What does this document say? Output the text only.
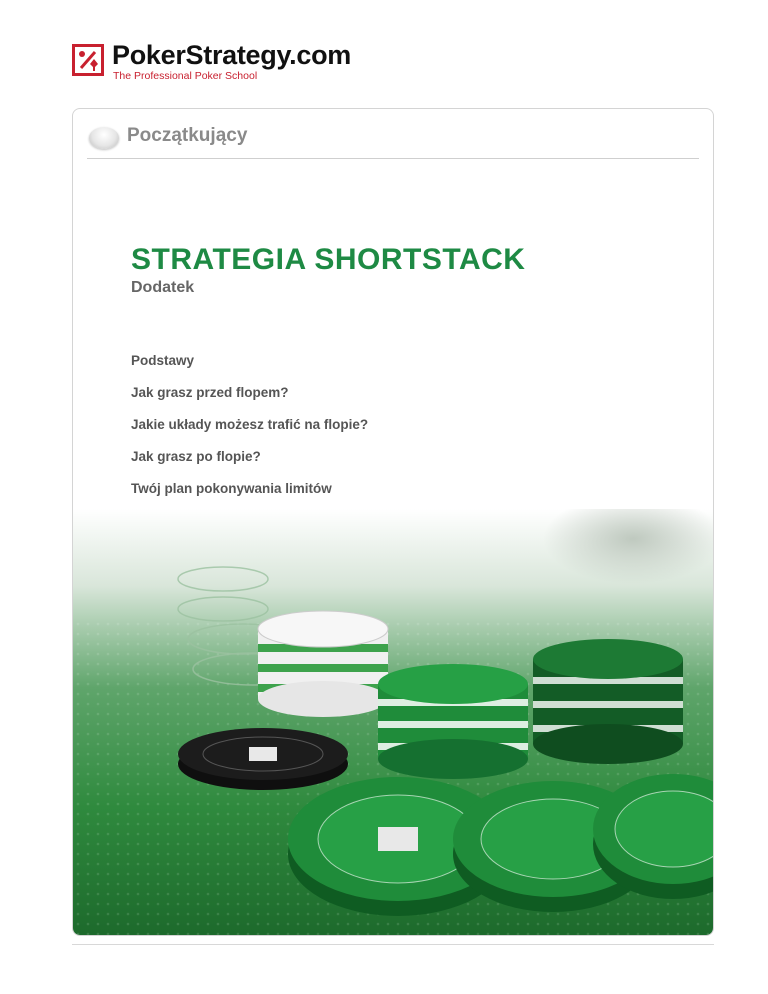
PokerStrategy.com
The Professional Poker School
Początkujący
STRATEGIA SHORTSTACK
Dodatek
Podstawy
Jak grasz przed flopem?
Jakie układy możesz trafić na flopie?
Jak grasz po flopie?
Twój plan pokonywania limitów
